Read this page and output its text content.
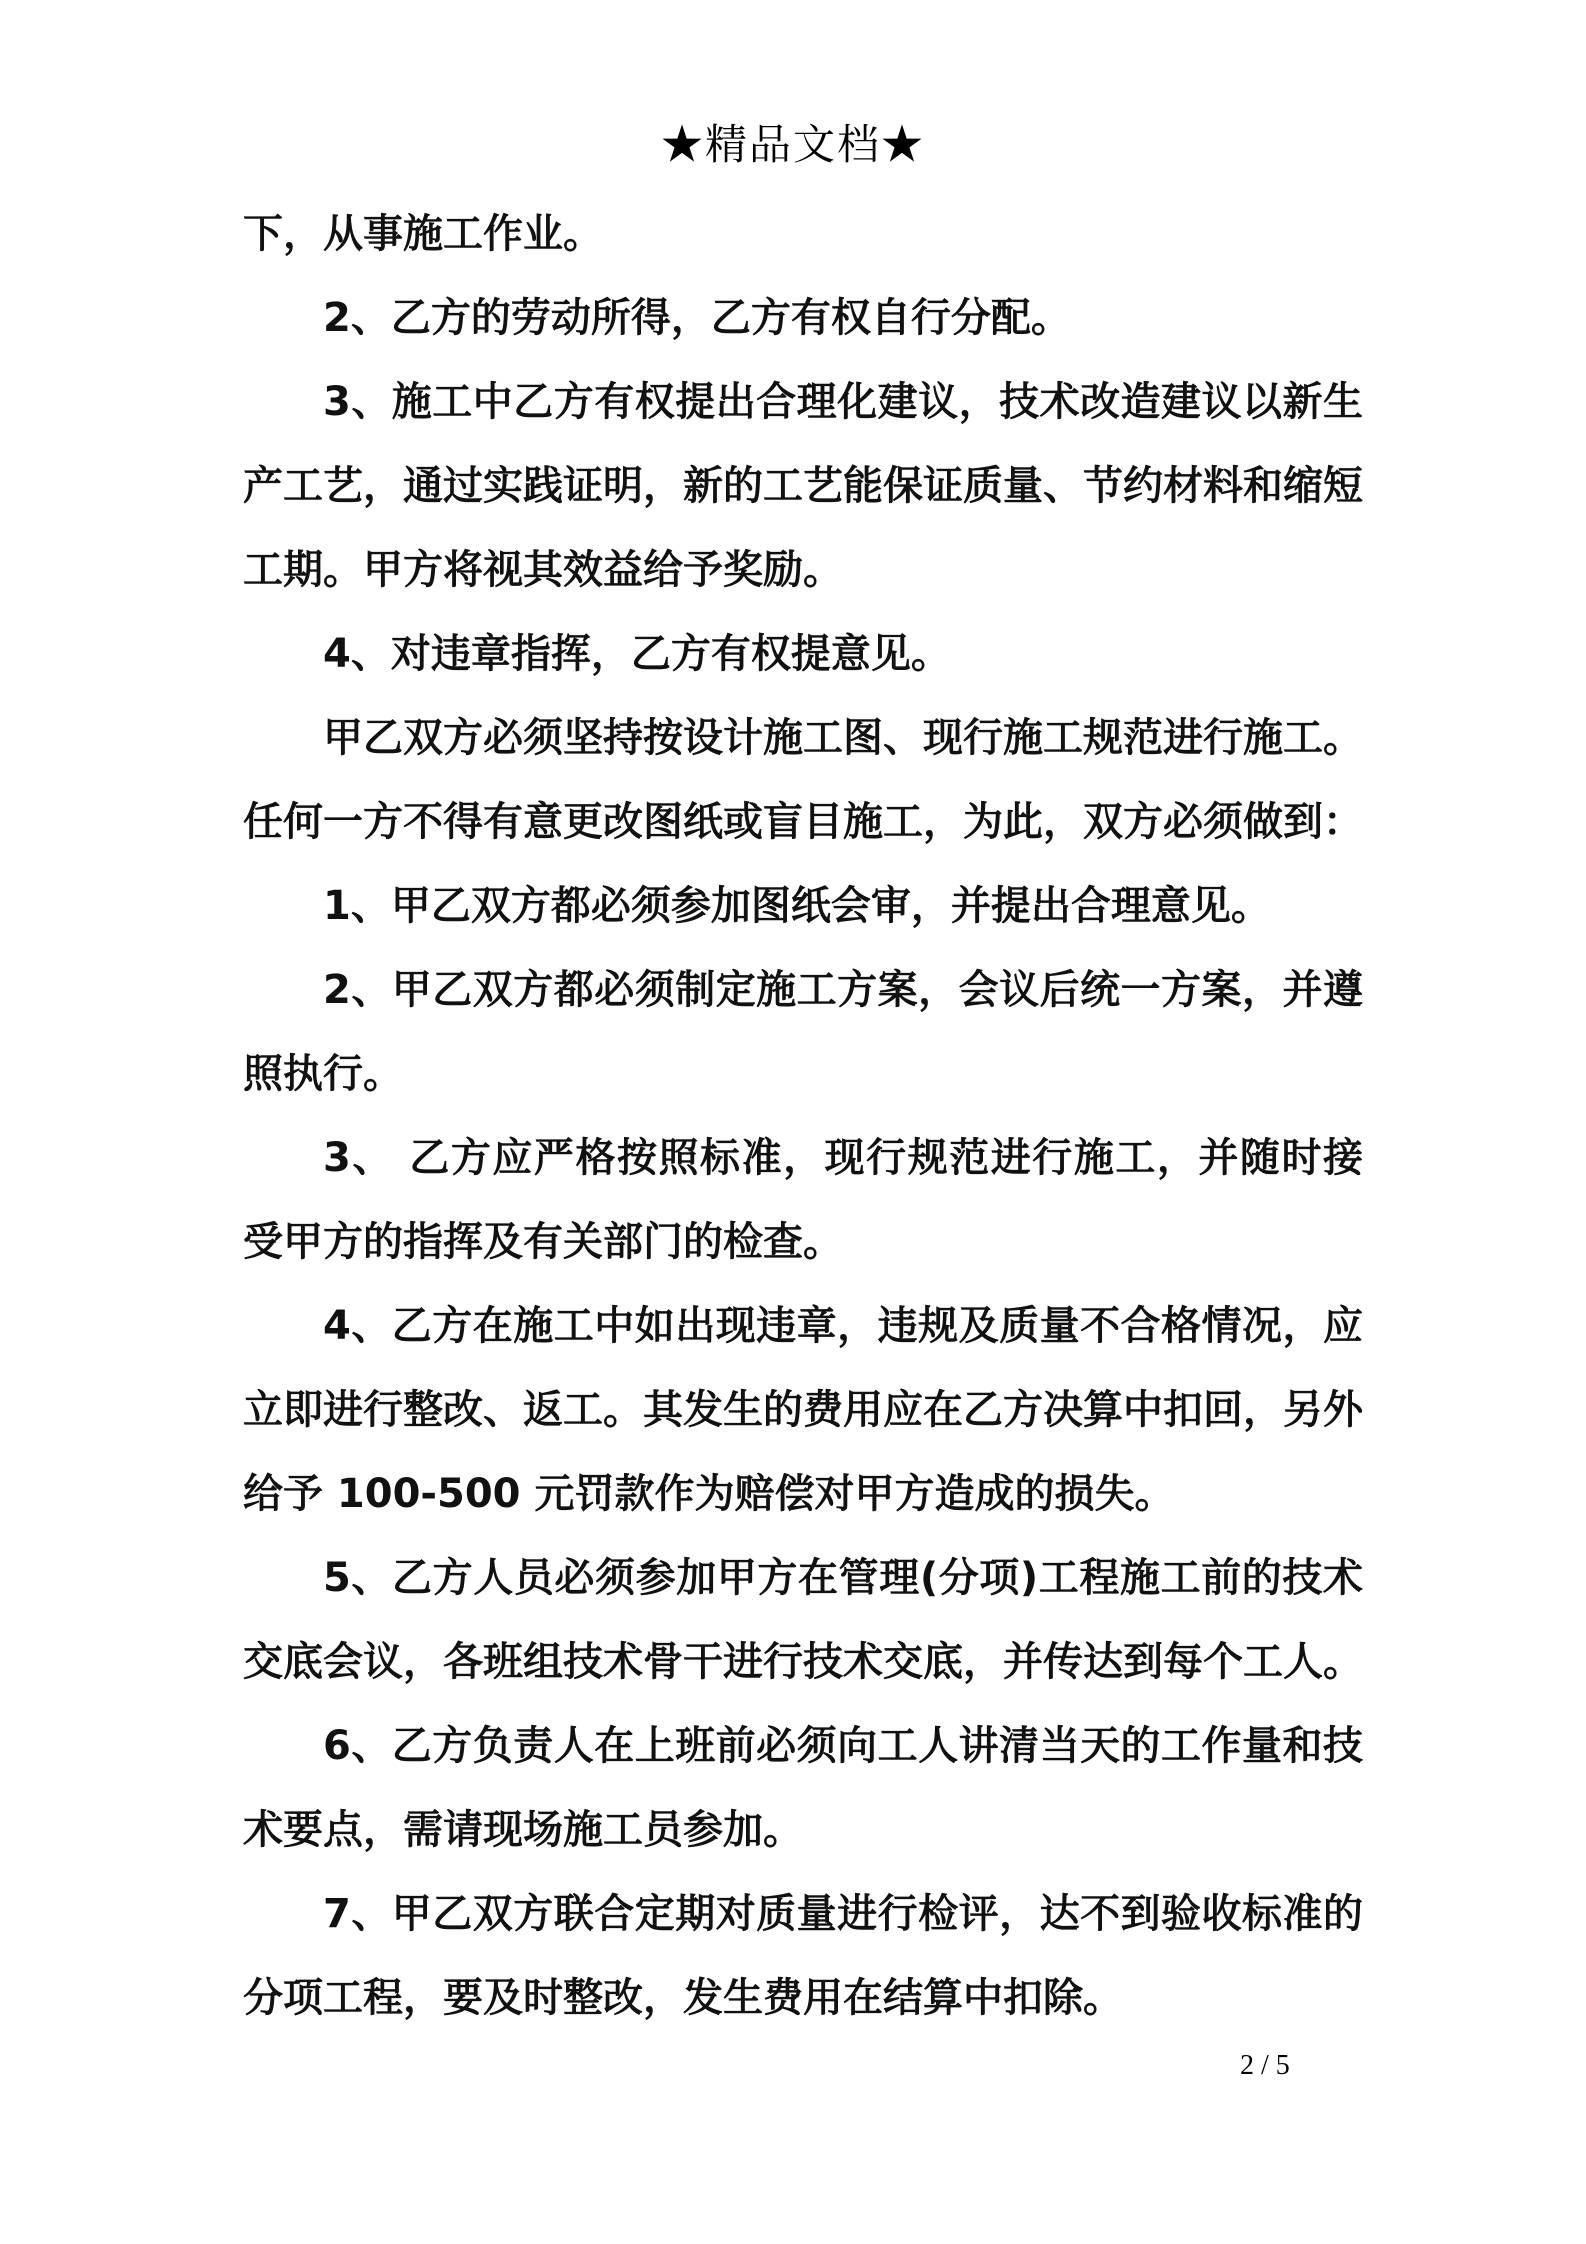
★精品文档★

下，从事施工作业。

2、乙方的劳动所得，乙方有权自行分配。

3、施工中乙方有权提出合理化建议，技术改造建议以新生产工艺，通过实践证明，新的工艺能保证质量、节约材料和缩短工期。甲方将视其效益给予奖励。

4、对违章指挥，乙方有权提意见。

甲乙双方必须坚持按设计施工图、现行施工规范进行施工。任何一方不得有意更改图纸或盲目施工，为此，双方必须做到：

1、甲乙双方都必须参加图纸会审，并提出合理意见。

2、甲乙双方都必须制定施工方案，会议后统一方案，并遵照执行。

3、 乙方应严格按照标准，现行规范进行施工，并随时接受甲方的指挥及有关部门的检查。

4、乙方在施工中如出现违章，违规及质量不合格情况，应立即进行整改、返工。其发生的费用应在乙方决算中扣回，另外给予 100-500 元罚款作为赔偿对甲方造成的损失。

5、乙方人员必须参加甲方在管理(分项)工程施工前的技术交底会议，各班组技术骨干进行技术交底，并传达到每个工人。

6、乙方负责人在上班前必须向工人讲清当天的工作量和技术要点，需请现场施工员参加。

7、甲乙双方联合定期对质量进行检评，达不到验收标准的分项工程，要及时整改，发生费用在结算中扣除。

2 / 5
